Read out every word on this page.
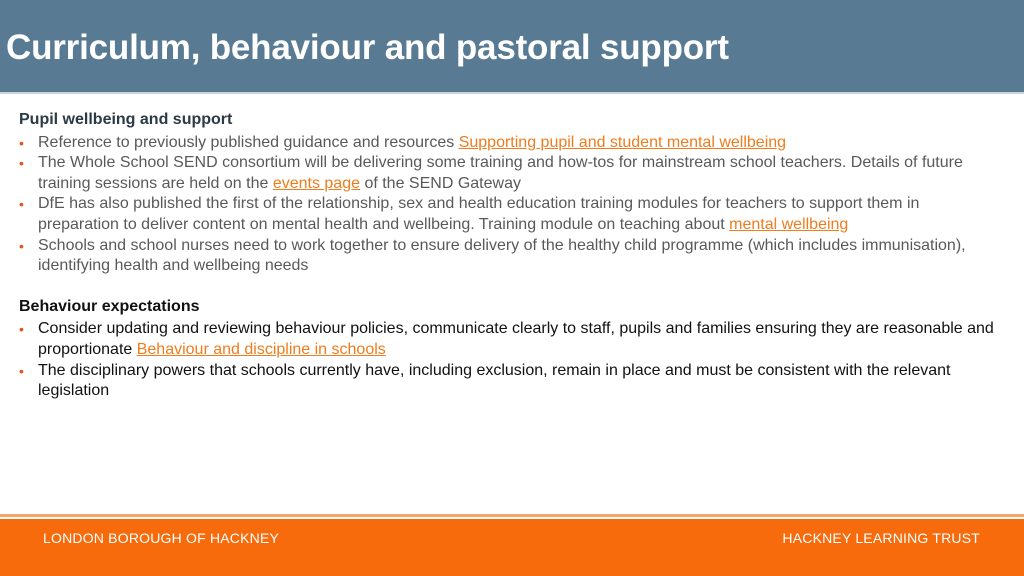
Curriculum, behaviour and pastoral support
Pupil wellbeing and support
• Reference to previously published guidance and resources Supporting pupil and student mental wellbeing
• The Whole School SEND consortium will be delivering some training and how-tos for mainstream school teachers. Details of future training sessions are held on the events page of the SEND Gateway
• DfE has also published the first of the relationship, sex and health education training modules for teachers to support them in preparation to deliver content on mental health and wellbeing. Training module on teaching about mental wellbeing
• Schools and school nurses need to work together to ensure delivery of the healthy child programme (which includes immunisation), identifying health and wellbeing needs
Behaviour expectations
• Consider updating and reviewing behaviour policies, communicate clearly to staff, pupils and families ensuring they are reasonable and proportionate Behaviour and discipline in schools
• The disciplinary powers that schools currently have, including exclusion, remain in place and must be consistent with the relevant legislation
LONDON BOROUGH OF HACKNEY	HACKNEY LEARNING TRUST
